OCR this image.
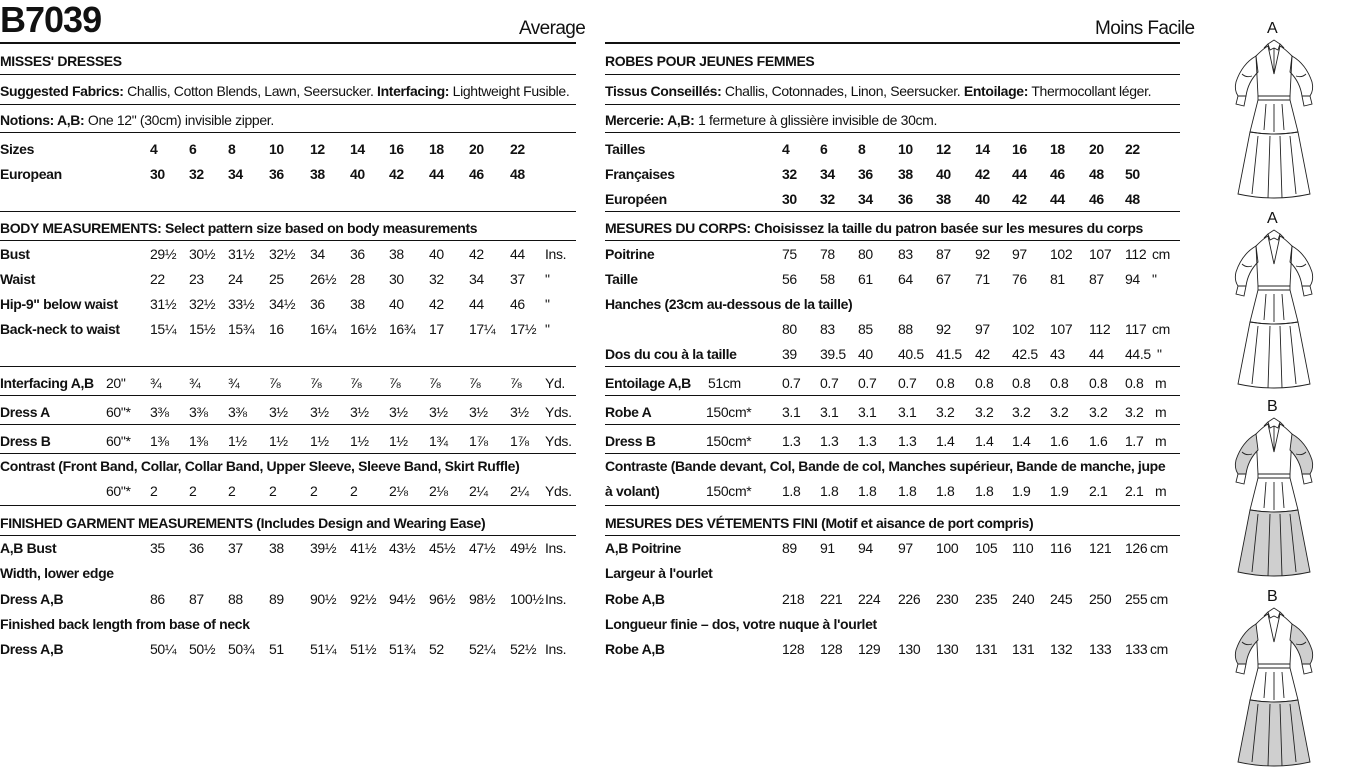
B7039	Average
MISSES' DRESSES
Suggested Fabrics: Challis, Cotton Blends, Lawn, Seersucker. Interfacing: Lightweight Fusible.
Notions: A,B: One 12" (30cm) invisible zipper.
Sizes	4 6 8 10 12 14 16 18 20 22
European	30 32 34 36 38 40 42 44 46 48
BODY MEASUREMENTS: Select pattern size based on body measurements
Bust	29½ 30½ 31½ 32½ 34 36 38 40 42 44 Ins.
Waist	22 23 24 25 26½ 28 30 32 34 37 "
Hip-9" below waist 31½ 32½ 33½ 34½ 36 38 40 42 44 46 "
Back-neck to waist 15¼ 15½ 15¾ 16 16¼ 16½ 16¾ 17 17¼ 17½ "
Interfacing A,B 20" ¾ ¾ ¾ ⅞ ⅞ ⅞ ⅞ ⅞ ⅞ ⅞ Yd.
Dress A	60"* 3⅜ 3⅜ 3⅜ 3½ 3½ 3½ 3½ 3½ 3½ 3½ Yds.
Dress B	60"* 1⅜ 1⅜ 1½ 1½ 1½ 1½ 1½ 1¾ 1⅞ 1⅞ Yds.
Contrast (Front Band, Collar, Collar Band, Upper Sleeve, Sleeve Band, Skirt Ruffle)
60"* 2 2 2 2 2 2 2⅛ 2⅛ 2¼ 2¼ Yds.
FINISHED GARMENT MEASUREMENTS (Includes Design and Wearing Ease)
A,B Bust	35 36 37 38 39½ 41½ 43½ 45½ 47½ 49½ Ins.
Width, lower edge
Dress A,B	86 87 88 89 90½ 92½ 94½ 96½ 98½ 100½ Ins.
Finished back length from base of neck
Dress A,B	50¼ 50½ 50¾ 51 51¼ 51½ 51¾ 52 52¼ 52½ Ins.
Moins Facile
ROBES POUR JEUNES FEMMES
Tissus Conseillés: Challis, Cotonnades, Linon, Seersucker. Entoilage: Thermocollant léger.
Mercerie: A,B: 1 fermeture à glissière invisible de 30cm.
Tailles	4 6 8 10 12 14 16 18 20 22
Françaises	32 34 36 38 40 42 44 46 48 50
Européen	30 32 34 36 38 40 42 44 46 48
MESURES DU CORPS: Choisissez la taille du patron basée sur les mesures du corps
Poitrine	75 78 80 83 87 92 97 102 107 112 cm
Taille	56 58 61 64 67 71 76 81 87 94 "
Hanches (23cm au-dessous de la taille)
80 83 85 88 92 97 102 107 112 117 cm
Dos du cou à la taille	39 39.5 40 40.5 41.5 42 42.5 43 44 44.5 "
Entoilage A,B 51cm	0.7 0.7 0.7 0.7 0.8 0.8 0.8 0.8 0.8 0.8 m
Robe A	150cm* 3.1 3.1 3.1 3.1 3.2 3.2 3.2 3.2 3.2 3.2 m
Dress B	150cm* 1.3 1.3 1.3 1.3 1.4 1.4 1.4 1.6 1.6 1.7 m
Contraste (Bande devant, Col, Bande de col, Manches supérieur, Bande de manche, jupe
à volant)	150cm* 1.8 1.8 1.8 1.8 1.8 1.8 1.9 1.9 2.1 2.1 m
MESURES DES VÉTEMENTS FINI (Motif et aisance de port compris)
A,B Poitrine	89 91 94 97 100 105 110 116 121 126 cm
Largeur à l'ourlet
Robe A,B	218 221 224 226 230 235 240 245 250 255 cm
Longueur finie – dos, votre nuque à l'ourlet
Robe A,B	128 128 129 130 130 131 131 132 133 133 cm
A
A
B
B
